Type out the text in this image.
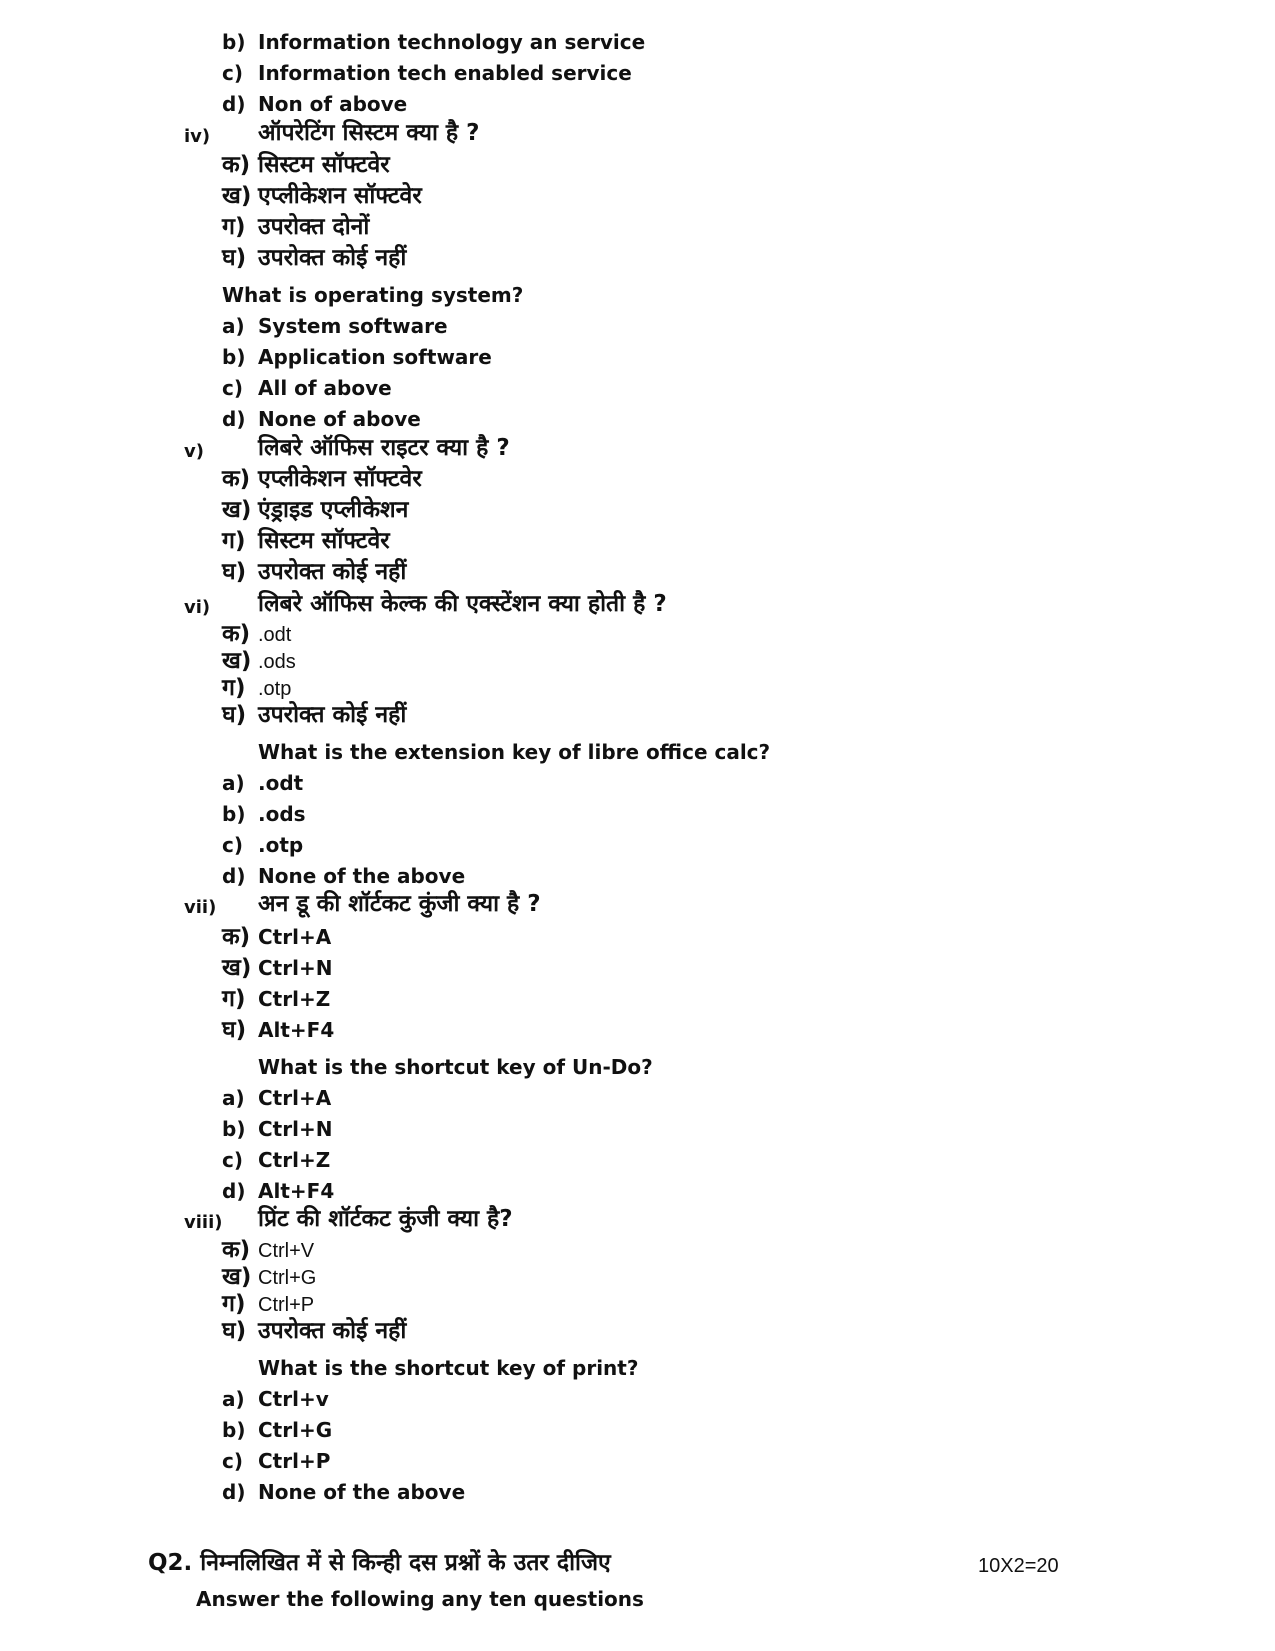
b) Information technology an service
c) Information tech enabled service
d) Non of above
iv) ऑपरेटिंग सिस्टम क्या है ?
क) सिस्टम सॉफ्टवेर
ख) एप्लीकेशन सॉफ्टवेर
ग) उपरोक्त दोनों
घ) उपरोक्त कोई नहीं
What is operating system?
a) System software
b) Application software
c) All of above
d) None of above
v) लिबरे ऑफिस राइटर क्या है ?
क) एप्लीकेशन सॉफ्टवेर
ख) एंड्राइड एप्लीकेशन
ग) सिस्टम सॉफ्टवेर
घ) उपरोक्त कोई नहीं
vi) लिबरे ऑफिस केल्क की एक्स्टेंशन क्या होती है ?
क) .odt
ख) .ods
ग) .otp
घ) उपरोक्त कोई नहीं
What is the extension key of libre office calc?
a) .odt
b) .ods
c) .otp
d) None of the above
vii) अन डू की शॉर्टकट कुंजी क्या है ?
क) Ctrl+A
ख) Ctrl+N
ग) Ctrl+Z
घ) Alt+F4
What is the shortcut key of Un-Do?
a) Ctrl+A
b) Ctrl+N
c) Ctrl+Z
d) Alt+F4
viii) प्रिंट की शॉर्टकट कुंजी क्या है?
क) Ctrl+V
ख) Ctrl+G
ग) Ctrl+P
घ) उपरोक्त कोई नहीं
What is the shortcut key of print?
a) Ctrl+v
b) Ctrl+G
c) Ctrl+P
d) None of the above
Q2. निम्नलिखित में से किन्ही दस प्रश्नों के उतर दीजिए	10X2=20
Answer the following any ten questions
